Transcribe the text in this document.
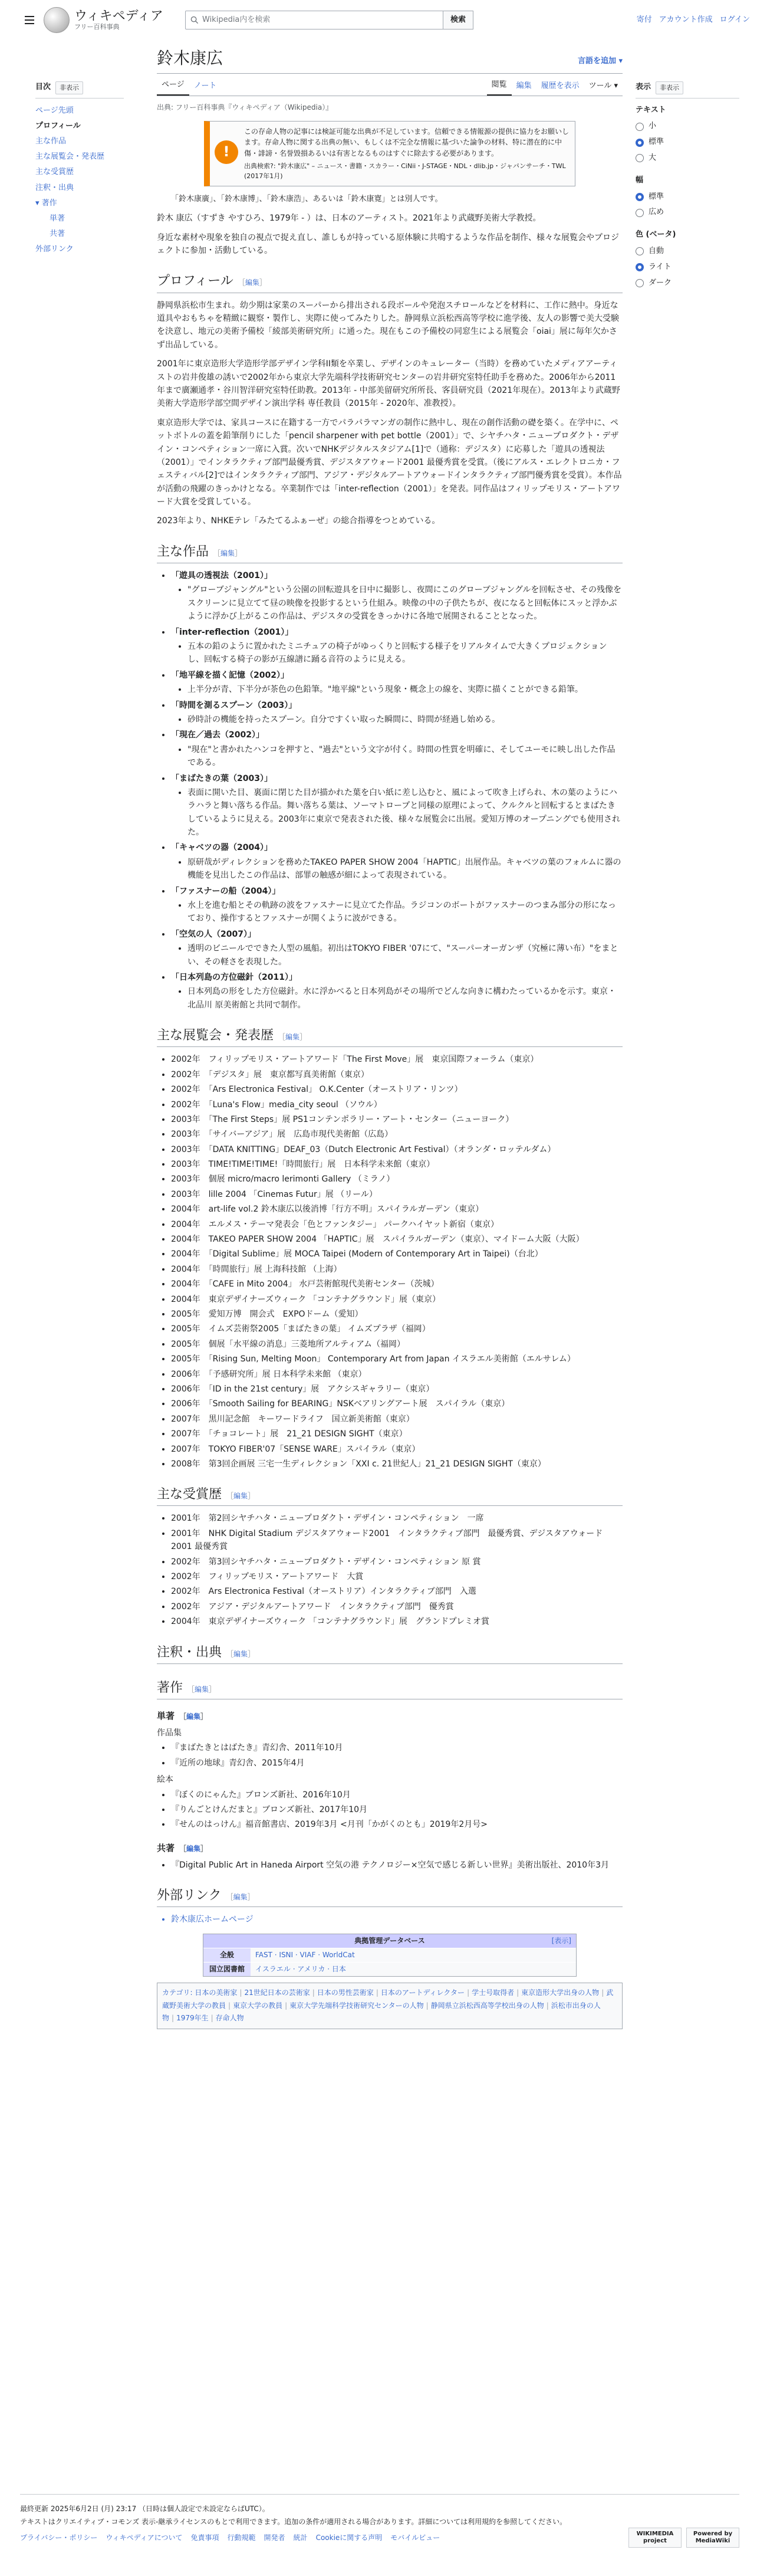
ウィキペディア
フリー百科事典
Wikipedia内を検索	検索	寄付 アカウント作成 ログイン
目次	非表示
ページ先頭
プロフィール
主な作品
主な展覧会・発表歴
主な受賞歴
注釈・出典
▾ 著作
単著
共著
外部リンク
鈴木康広	言語を追加 ▾
ページ	ノート	閲覧	編集	履歴を表示	ツール ▾
出典: フリー百科事典『ウィキペディア（Wikipedia）』
!
この存命人物の記事には検証可能な出典が不足しています。信頼できる情報源の提供に協力をお願いします。存命人物に関する出典の無い、もしくは不完全な情報に基づいた論争の材料、特に潜在的に中傷・誹謗・名誉毀損あるいは有害となるものはすぐに除去する必要があります。
出典検索?: "鈴木康広" – ニュース・書籍・スカラー・CiNii・J-STAGE・NDL・dlib.jp・ジャパンサーチ・TWL (2017年1月)
「鈴木康廣」、「鈴木康博」、「鈴木康浩」、あるいは「鈴木康寛」とは別人です。

鈴木 康広（すずき やすひろ、1979年 - ）は、日本のアーティスト。2021年より武蔵野美術大学教授。

身近な素材や現象を独自の視点で捉え直し、誰しもが持っている原体験に共鳴するような作品を制作、様々な展覧会やプロジェクトに参加・活動している。

プロフィール ［編集］

静岡県浜松市生まれ。幼少期は家業のスーパーから排出される段ボールや発泡スチロールなどを材料に、工作に熱中。身近な道具やおもちゃを精緻に観察・製作し、実際に使ってみたりした。静岡県立浜松西高等学校に進学後、友人の影響で美大受験を決意し、地元の美術予備校「綾部美術研究所」に通った。現在もこの予備校の同窓生による展覧会「oiai」展に毎年欠かさず出品している。

2001年に東京造形大学造形学部デザイン学科II類を卒業し、デザインのキュレーター（当時）を務めていたメディアアーティストの岩井俊雄の誘いで2002年から東京大学先端科学技術研究センターの岩井研究室特任助手を務めた。2006年から2011年まで廣瀬通孝・谷川智洋研究室特任助教。2013年 - 中部美留研究所所長、客員研究員（2021年現在）。2013年より武蔵野美術大学造形学部空間デザイン演出学科 専任教員（2015年 - 2020年、准教授）。

東京造形大学では、家具コースに在籍する一方でパラパラマンガの制作に熱中し、現在の創作活動の礎を築く。在学中に、ペットボトルの蓋を鉛筆削りにした「pencil sharpener with pet bottle（2001）」で、シヤチハタ・ニュープロダクト・デザイン・コンペティション一席に入賞。次いでNHKデジタルスタジアム[1]で（通称：デジスタ）に応募した「遊具の透視法（2001）」でインタラクティブ部門最優秀賞、デジスタアウォード2001 最優秀賞を受賞。（後にアルス・エレクトロニカ・フェスティバル[2]ではインタラクティブ部門、アジア・デジタルアートアウォードインタラクティブ部門優秀賞を受賞）。本作品が活動の飛躍のきっかけとなる。卒業制作では「inter-reflection（2001）」を発表。同作品はフィリップモリス・アートアワード大賞を受賞している。

2023年より、NHKEテレ「みたてるふぁーぜ」の総合指導をつとめている。

主な作品 ［編集］
• 「遊具の透視法（2001）」
• "グローブジャングル"という公園の回転遊具を日中に撮影し、夜間にこのグローブジャングルを回転させ、その残像をスクリーンに見立てて昼の映像を投影するという仕組み。映像の中の子供たちが、夜になると回転体にスッと浮かぶように浮かび上がるこの作品は、デジスタの受賞をきっかけに各地で展開されることとなった。
• 「inter-reflection（2001）」
• 五本の鉛のように置かれたミニチュアの椅子がゆっくりと回転する様子をリアルタイムで大きくプロジェクションし、回転する椅子の影が五線譜に踊る音符のように見える。
• 「地平線を描く記憶（2002）」
• 上半分が青、下半分が茶色の色鉛筆。"地平線"という現象・概念上の線を、実際に描くことができる鉛筆。
• 「時間を測るスプーン（2003）」
• 砂時計の機能を持ったスプーン。自分ですくい取った瞬間に、時間が経過し始める。
• 「現在／過去（2002）」
• "現在"と書かれたハンコを押すと、"過去"という文字が付く。時間の性質を明確に、そしてユーモに映し出した作品である。
• 「まばたきの葉（2003）」
• 表面に開いた目、裏面に閉じた目が描かれた葉を白い紙に差し込むと、風によって吹き上げられ、木の葉のようにハラハラと舞い落ちる作品。舞い落ちる葉は、ソーマトロープと同様の原理によって、クルクルと回転するとまばたきしているように見える。2003年に東京で発表された後、様々な展覧会に出展。愛知万博のオープニングでも使用された。
• 「キャベツの器（2004）」
• 原研哉がディレクションを務めたTAKEO PAPER SHOW 2004「HAPTIC」出展作品。キャベツの葉のフォルムに器の機能を見出したこの作品は、部罪の触感が細によって表現されている。
• 「ファスナーの船（2004）」
• 水上を進む船とその軌跡の波をファスナーに見立てた作品。ラジコンのボートがファスナーのつまみ部分の形になっており、操作するとファスナーが開くように波ができる。
• 「空気の人（2007）」
• 透明のビニールでできた人型の風船。初出はTOKYO FIBER '07にて、"スーパーオーガンザ（究極に薄い布）"をまとい、その軽さを表現した。
• 「日本列島の方位磁針（2011）」
• 日本列島の形をした方位磁針。水に浮かべると日本列島がその場所でどんな向きに構わたっているかを示す。東京・北品川 原美術館と共同で制作。
主な展覧会・発表歴 ［編集］
• 2002年　フィリップモリス・アートアワード「The First Move」展　東京国際フォーラム（東京）
• 2002年　「デジスタ」展　東京都写真美術館（東京）
• 2002年　「Ars Electronica Festival」 O.K.Center（オーストリア・リンツ）
• 2002年　「Luna's Flow」media_city seoul （ソウル）
• 2003年　「The First Steps」展 PS1コンテンポラリー・アート・センター（ニューヨーク）
• 2003年　「サイバーアジア」展　広島市現代美術館（広島）
• 2003年　「DATA KNITTING」DEAF_03（Dutch Electronic Art Festival）（オランダ・ロッテルダム）
• 2003年　TIME!TIME!TIME!「時間旅行」展　日本科学未来館（東京）
• 2003年　個展 micro/macro lerimonti Gallery （ミラノ）
• 2003年　lille 2004 「Cinemas Futur」展 （リール）
• 2004年　art-life vol.2 鈴木康広以後消博「行方不明」スパイラルガーデン（東京）
• 2004年　エルメス・テーマ発表会「色とファンタジー」 パークハイヤット新宿（東京）
• 2004年　TAKEO PAPER SHOW 2004 「HAPTIC」展　スパイラルガーデン（東京）、マイドーム大阪（大阪）
• 2004年　「Digital Sublime」展 MOCA Taipei (Modern of Contemporary Art in Taipei)（台北）
• 2004年　「時間旅行」展 上海科技館 （上海）
• 2004年　「CAFE in Mito 2004」 水戸芸術館現代美術センター（茨城）
• 2004年　東京デザイナーズウィーク 「コンテナグラウンド」展（東京）
• 2005年　愛知万博　開会式　EXPOドーム（愛知）
• 2005年　イムズ芸術祭2005「まばたきの葉」 イムズプラザ（福岡）
• 2005年　個展「水平線の消息」三菱地所アルティアム（福岡）
• 2005年　「Rising Sun, Melting Moon」 Contemporary Art from Japan イスラエル美術館（エルサレム）
• 2006年　「予感研究所」展 日本科学未来館 （東京）
• 2006年　「ID in the 21st century」展　アクシスギャラリー（東京）
• 2006年　「Smooth Sailing for BEARING」NSKベアリングアート展　スパイラル（東京）
• 2007年　黒川記念館　キーワードライフ　国立新美術館（東京）
• 2007年　「チョコレート」展　21_21 DESIGN SIGHT（東京）
• 2007年　TOKYO FIBER'07「SENSE WARE」スパイラル（東京）
• 2008年　第3回企画展 三宅一生ディレクション「XXI c. 21世紀人」21_21 DESIGN SIGHT（東京）
主な受賞歴 ［編集］
• 2001年　第2回シヤチハタ・ニュープロダクト・デザイン・コンペティション　一席
• 2001年　NHK Digital Stadium デジスタアウォード2001　インタラクティブ部門　最優秀賞、デジスタアウォード2001 最優秀賞
• 2002年　第3回シヤチハタ・ニュープロダクト・デザイン・コンペティション 原 賞
• 2002年　フィリップモリス・アートアワード　大賞
• 2002年　Ars Electronica Festival（オーストリア）インタラクティブ部門　入選
• 2002年　アジア・デジタルアートアワード　インタラクティブ部門　優秀賞
• 2004年　東京デザイナーズウィーク 「コンテナグラウンド」展　グランドプレミオ賞
注釈・出典 ［編集］
著作 ［編集］
単著 ［編集］
作品集
• 『まばたきとはばたき』青幻舎、2011年10月
• 『近所の地球』青幻舎、2015年4月
絵本
• 『ぼくのにゃんた』ブロンズ新社、2016年10月
• 『りんごとけんだまと』ブロンズ新社、2017年10月
• 『せんのはっけん』福音館書店、2019年3月 <月刊「かがくのとも」2019年2月号>
共著 ［編集］
• 『Digital Public Art in Haneda Airport 空気の港 テクノロジー×空気で感じる新しい世界』美術出版社、2010年3月
外部リンク ［編集］
• 鈴木康広ホームページ
典拠管理データベース	[表示]
全般	FAST · ISNI · VIAF · WorldCat
国立図書館	イスラエル · アメリカ · 日本
カテゴリ: 日本の美術家 | 21世紀日本の芸術家 | 日本の男性芸術家 | 日本のアートディレクター | 学士号取得者 | 東京造形大学出身の人物 | 武蔵野美術大学の教員 | 東京大学の教員 | 東京大学先端科学技術研究センターの人物 | 静岡県立浜松西高等学校出身の人物 | 浜松市出身の人物 | 1979年生 | 存命人物
表示	非表示
テキスト
小
標準
大
幅
標準
広め
色 (ベータ)
自動
ライト
ダーク
最終更新 2025年6月2日 (月) 23:17 （日時は個人設定で未設定ならばUTC）。
テキストはクリエイティブ・コモンズ 表示-継承ライセンスのもとで利用できます。追加の条件が適用される場合があります。詳細については利用規約を参照してください。
プライバシー・ポリシー ウィキペディアについて 免責事項 行動規範 開発者 統計 Cookieに関する声明 モバイルビュー	WIKIMEDIA project
Powered by MediaWiki
